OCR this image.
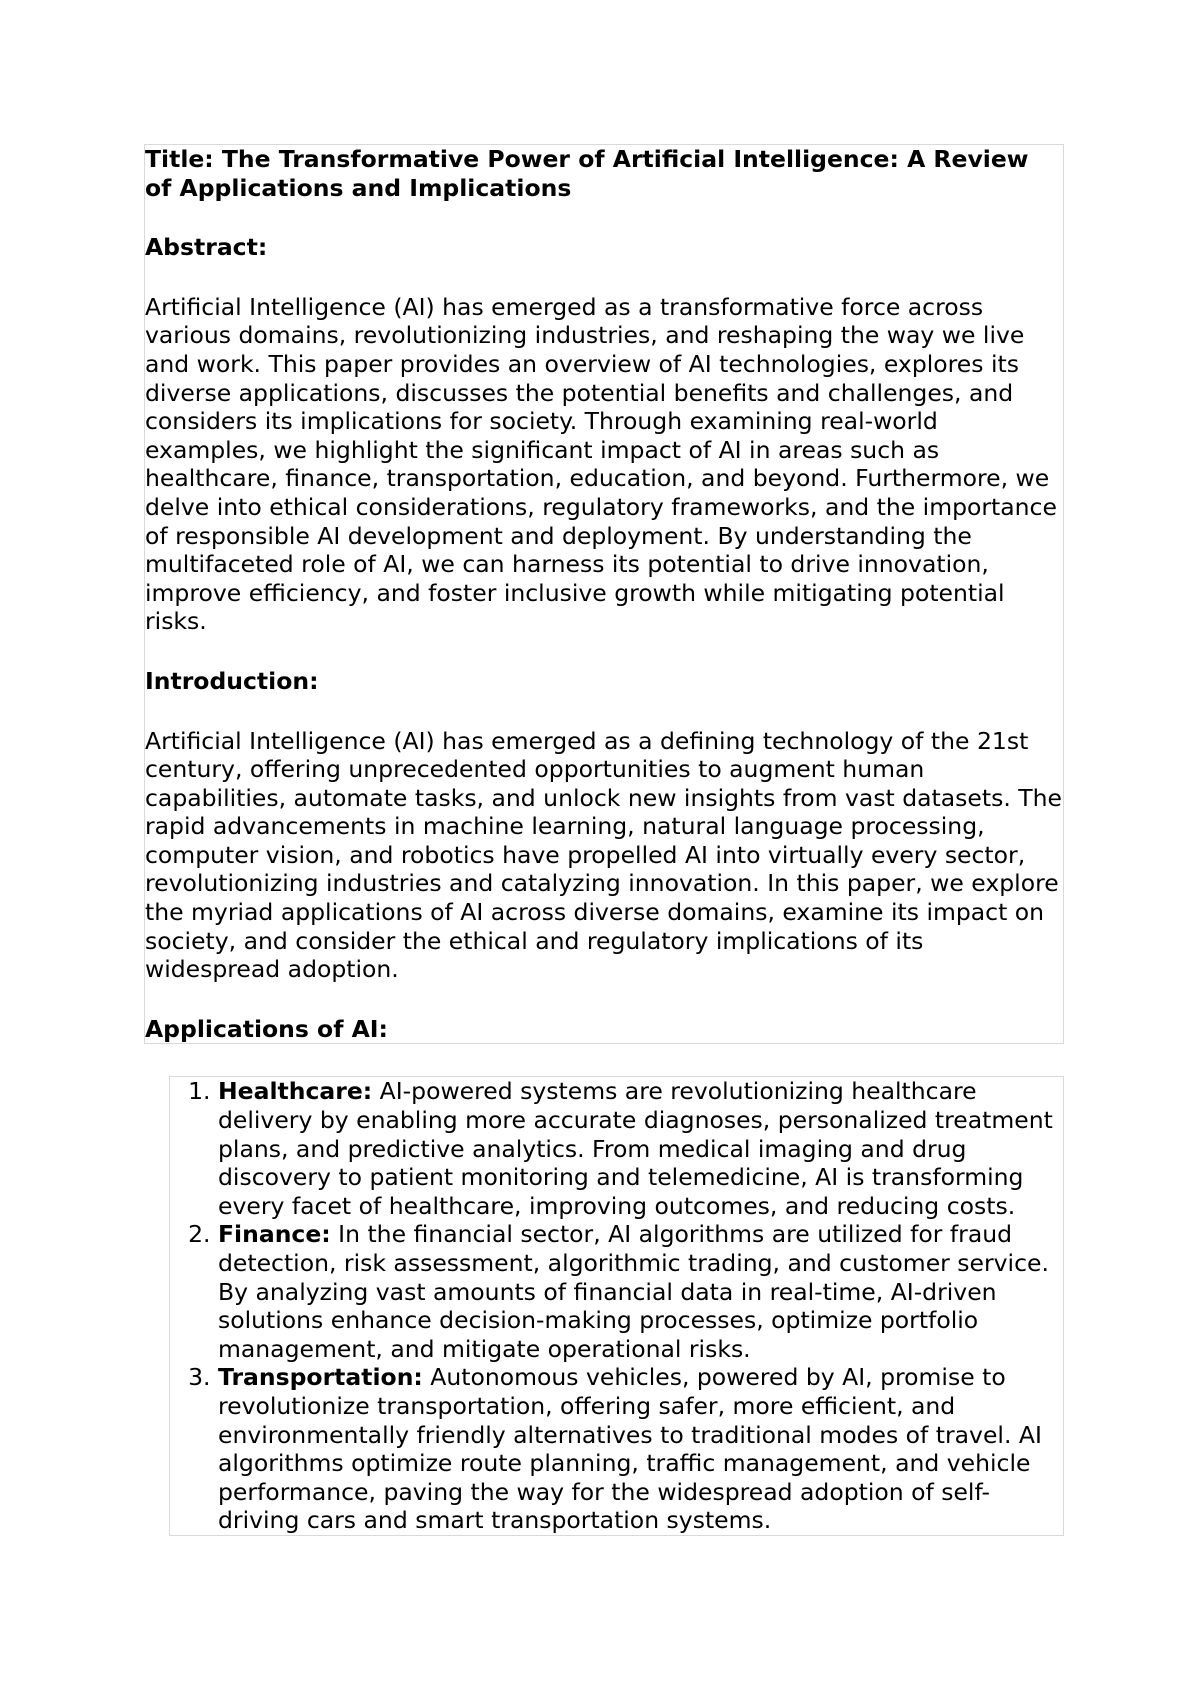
Title: The Transformative Power of Artificial Intelligence: A Review of Applications and Implications

Abstract:

Artificial Intelligence (AI) has emerged as a transformative force across various domains, revolutionizing industries, and reshaping the way we live and work. This paper provides an overview of AI technologies, explores its diverse applications, discusses the potential benefits and challenges, and considers its implications for society. Through examining real-world examples, we highlight the significant impact of AI in areas such as healthcare, finance, transportation, education, and beyond. Furthermore, we delve into ethical considerations, regulatory frameworks, and the importance of responsible AI development and deployment. By understanding the multifaceted role of AI, we can harness its potential to drive innovation, improve efficiency, and foster inclusive growth while mitigating potential risks.

Introduction:

Artificial Intelligence (AI) has emerged as a defining technology of the 21st century, offering unprecedented opportunities to augment human capabilities, automate tasks, and unlock new insights from vast datasets. The rapid advancements in machine learning, natural language processing, computer vision, and robotics have propelled AI into virtually every sector, revolutionizing industries and catalyzing innovation. In this paper, we explore the myriad applications of AI across diverse domains, examine its impact on society, and consider the ethical and regulatory implications of its widespread adoption.

Applications of AI:

1. Healthcare: AI-powered systems are revolutionizing healthcare delivery by enabling more accurate diagnoses, personalized treatment plans, and predictive analytics. From medical imaging and drug discovery to patient monitoring and telemedicine, AI is transforming every facet of healthcare, improving outcomes, and reducing costs.
2. Finance: In the financial sector, AI algorithms are utilized for fraud detection, risk assessment, algorithmic trading, and customer service. By analyzing vast amounts of financial data in real-time, AI-driven solutions enhance decision-making processes, optimize portfolio management, and mitigate operational risks.
3. Transportation: Autonomous vehicles, powered by AI, promise to revolutionize transportation, offering safer, more efficient, and environmentally friendly alternatives to traditional modes of travel. AI algorithms optimize route planning, traffic management, and vehicle performance, paving the way for the widespread adoption of self-driving cars and smart transportation systems.
